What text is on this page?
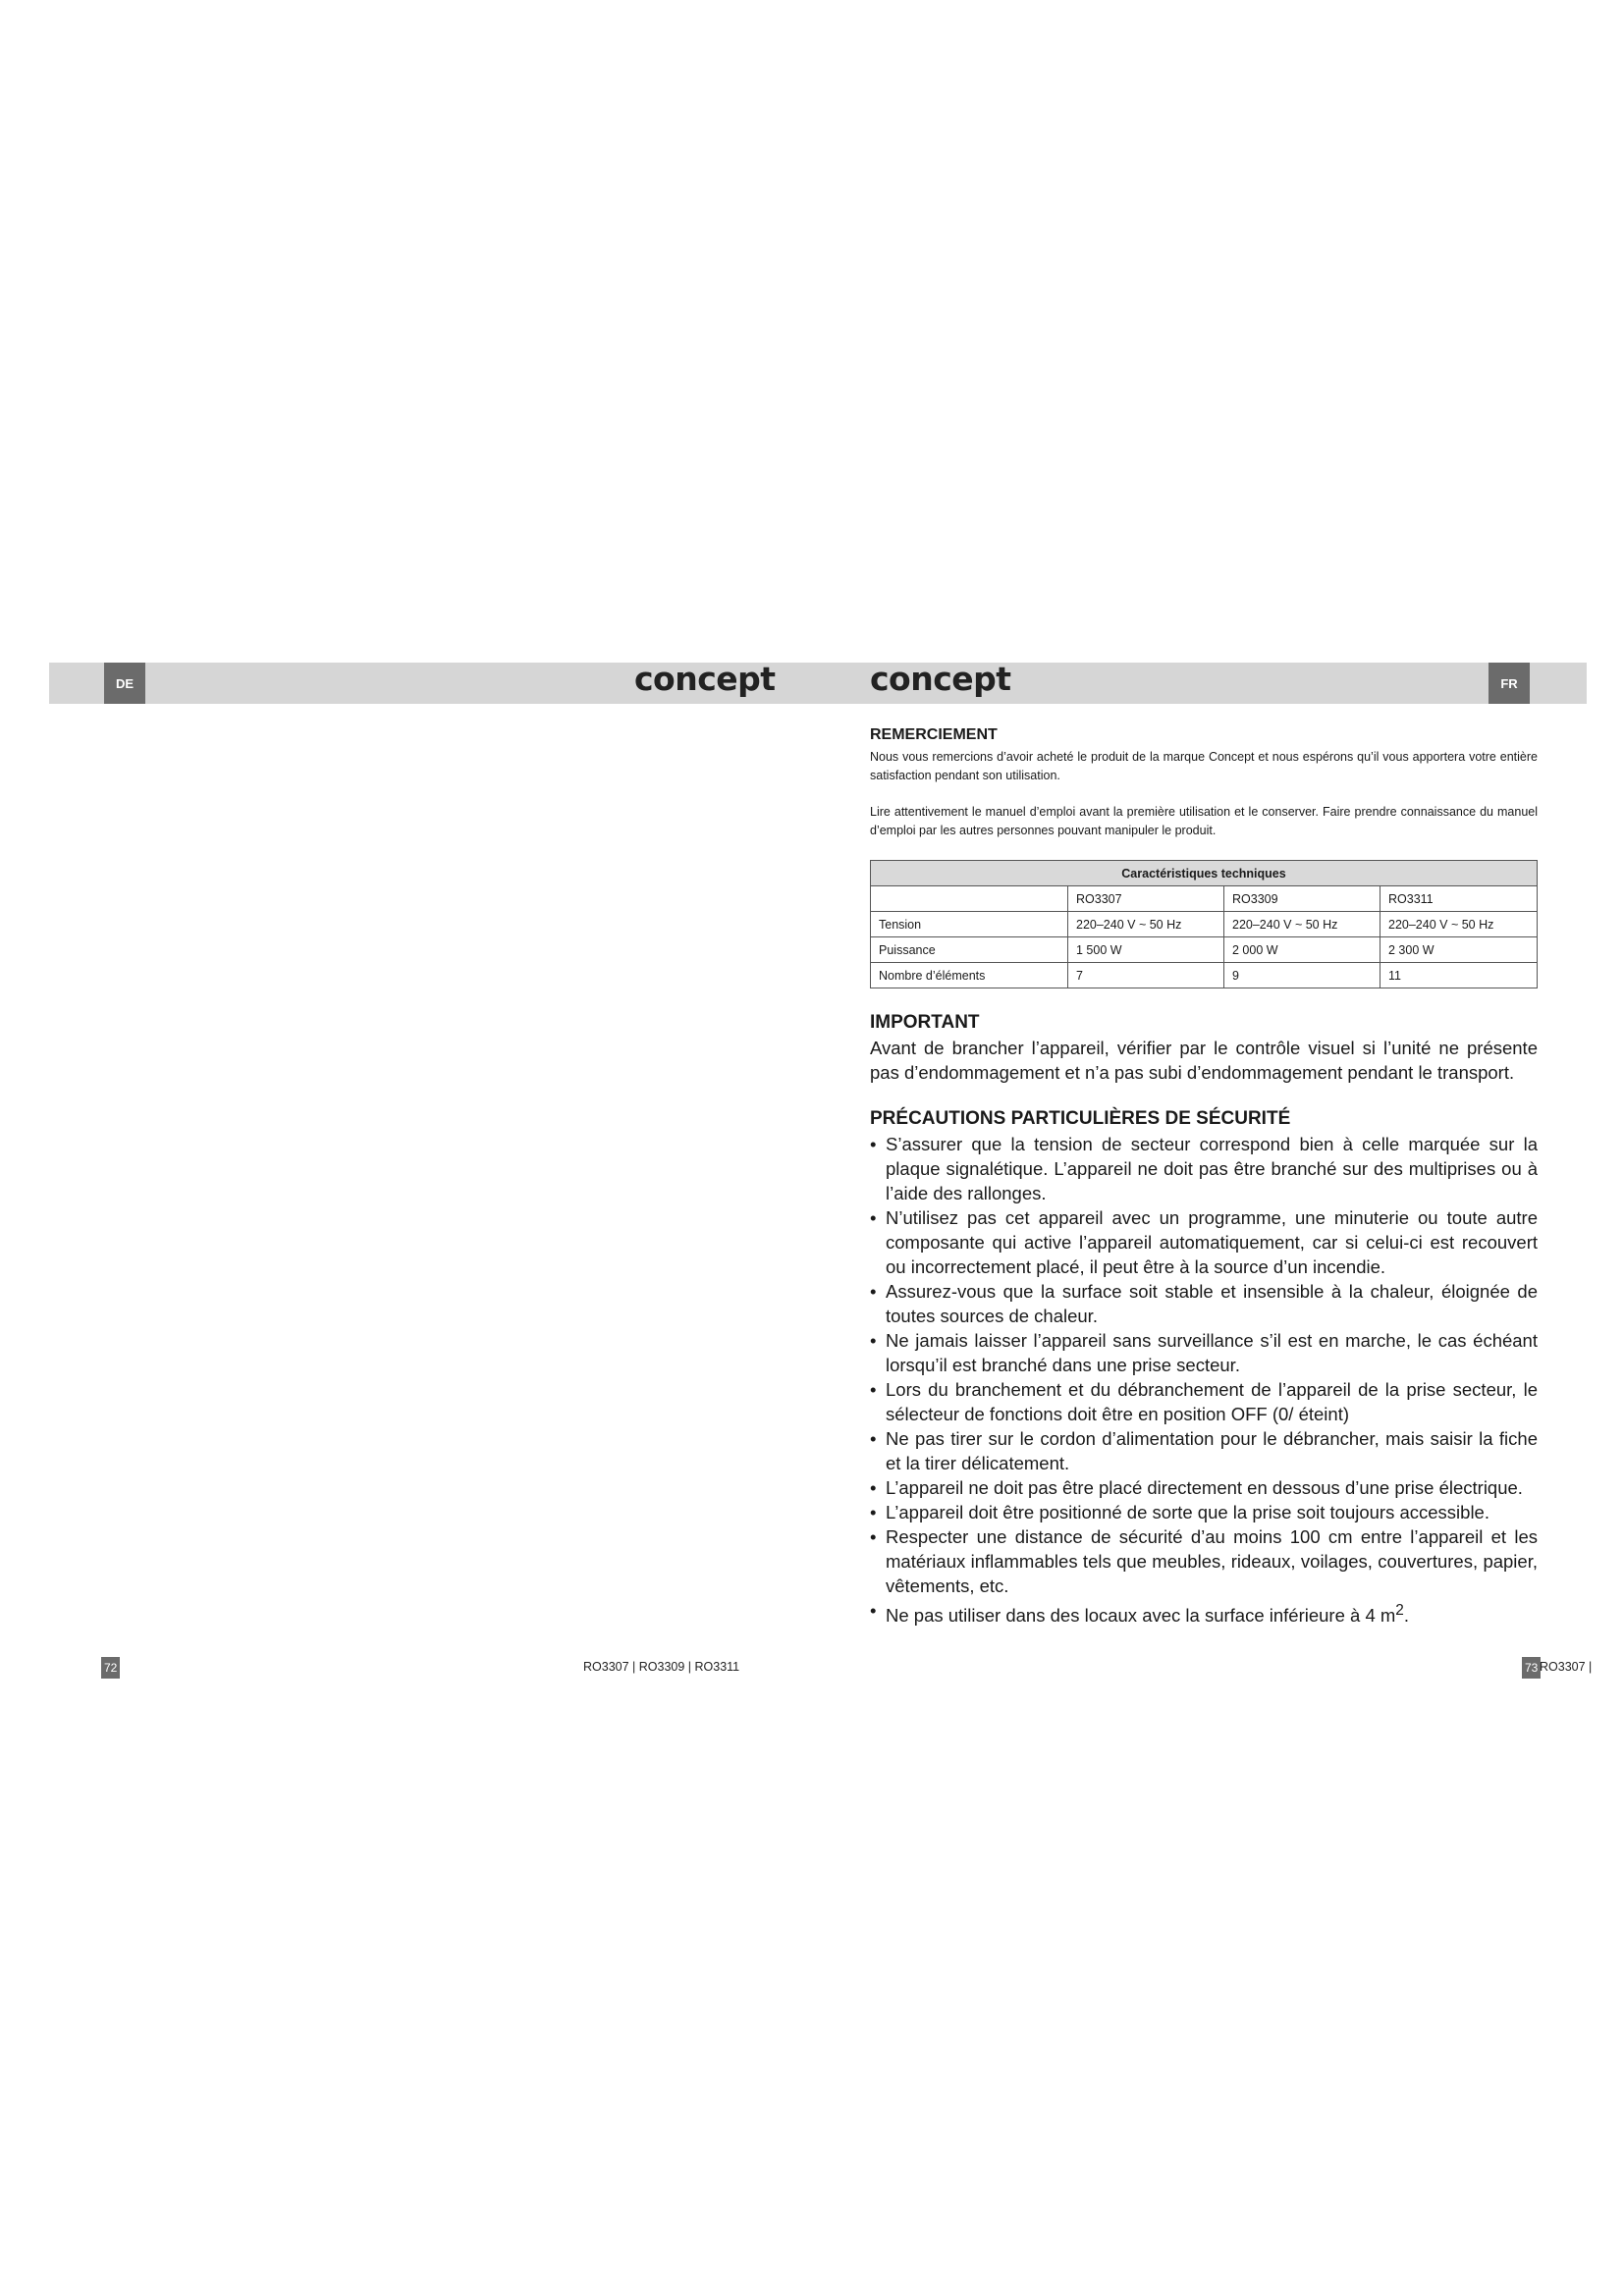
DE	concept	concept	FR
REMERCIEMENT

Nous vous remercions d’avoir acheté le produit de la marque Concept et nous espérons qu’il vous apportera votre entière satisfaction pendant son utilisation.

Lire attentivement le manuel d’emploi avant la première utilisation et le conserver. Faire prendre connaissance du manuel d’emploi par les autres personnes pouvant manipuler le produit.

Caractéristiques techniques			
	RO3307	RO3309	RO3311
Tension	220–240 V ~ 50 Hz	220–240 V ~ 50 Hz	220–240 V ~ 50 Hz
Puissance	1 500 W	2 000 W	2 300 W
Nombre d’éléments	7	9	11
IMPORTANT

Avant de brancher l’appareil, vérifier par le contrôle visuel si l’unité ne présente pas d’endommagement et n’a pas subi d’endommagement pendant le transport.

PRÉCAUTIONS PARTICULIÈRES DE SÉCURITÉ
• S’assurer que la tension de secteur correspond bien à celle marquée sur la plaque signalétique. L’appareil ne doit pas être branché sur des multiprises ou à l’aide des rallonges.
• N’utilisez pas cet appareil avec un programme, une minuterie ou toute autre composante qui active l’appareil automatiquement, car si celui-ci est recouvert ou incorrectement placé, il peut être à la source d’un incendie.
• Assurez-vous que la surface soit stable et insensible à la chaleur, éloignée de toutes sources de chaleur.
• Ne jamais laisser l’appareil sans surveillance s’il est en marche, le cas échéant lorsqu’il est branché dans une prise secteur.
• Lors du branchement et du débranchement de l’appareil de la prise secteur, le sélecteur de fonctions doit être en position OFF (0/ éteint)
• Ne pas tirer sur le cordon d’alimentation pour le débrancher, mais saisir la fiche et la tirer délicatement.
• L’appareil ne doit pas être placé directement en dessous d’une prise électrique.
• L’appareil doit être positionné de sorte que la prise soit toujours accessible.
• Respecter une distance de sécurité d’au moins 100 cm entre l’appareil et les matériaux inflammables tels que meubles, rideaux, voilages, couvertures, papier, vêtements, etc.
• Ne pas utiliser dans des locaux avec la surface inférieure à 4 $m^2$.
72	RO3307 | RO3309 | RO3311	73 RO3307 |
